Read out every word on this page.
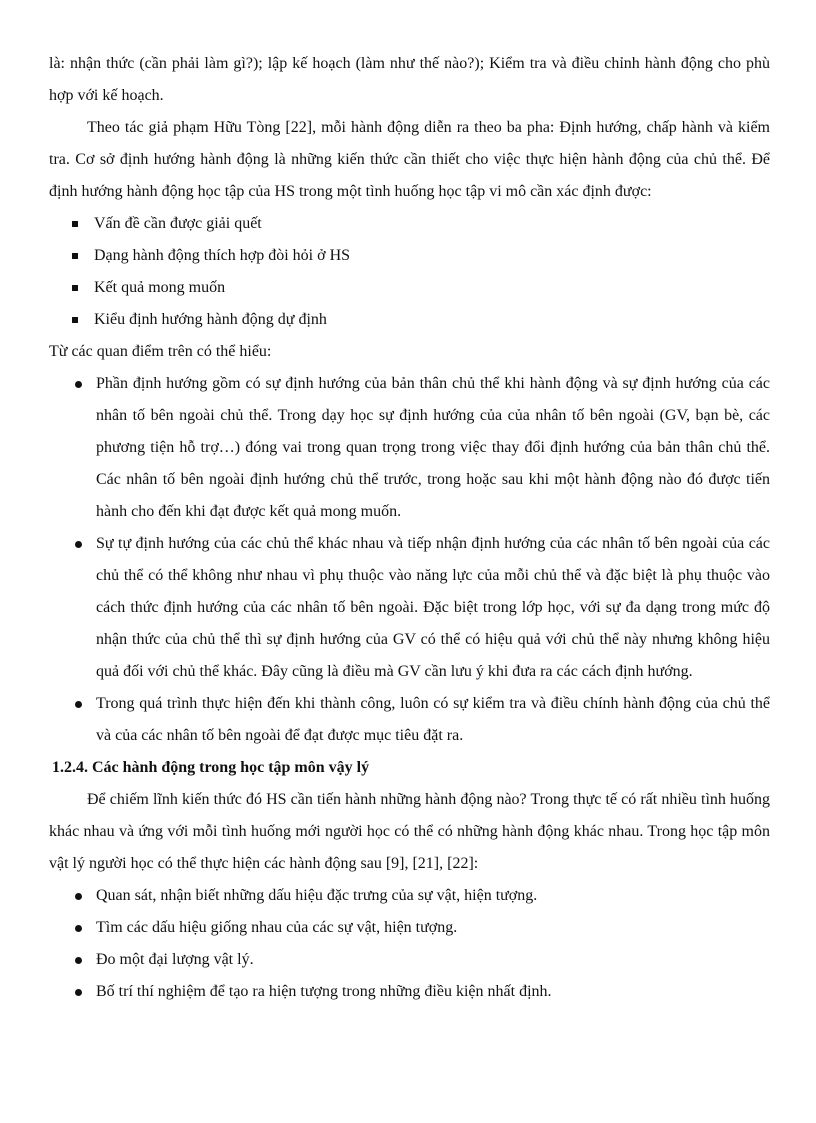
là: nhận thức (cần phải làm gì?); lập kế hoạch (làm như thế nào?); Kiểm tra và điều chỉnh hành động cho phù hợp với kế hoạch.

Theo tác giả phạm Hữu Tòng [22], mỗi hành động diễn ra theo ba pha: Định hướng, chấp hành và kiểm tra. Cơ sở định hướng hành động là những kiến thức cần thiết cho việc thực hiện hành động của chủ thể. Để định hướng hành động học tập của HS trong một tình huống học tập vi mô cần xác định được:

Vấn đề cần được giải quết
Dạng hành động thích hợp đòi hỏi ở HS
Kết quả mong muốn
Kiểu định hướng hành động dự định

Từ các quan điểm trên có thể hiểu:

Phần định hướng gồm có sự định hướng của bản thân chủ thể khi hành động và sự định hướng của các nhân tố bên ngoài chủ thể. Trong dạy học sự định hướng của của nhân tố bên ngoài (GV, bạn bè, các phương tiện hỗ trợ…) đóng vai trong quan trọng trong việc thay đổi định hướng của bản thân chủ thể. Các nhân tố bên ngoài định hướng chủ thể trước, trong hoặc sau khi một hành động nào đó được tiến hành cho đến khi đạt được kết quả mong muốn.
Sự tự định hướng của các chủ thể khác nhau và tiếp nhận định hướng của các nhân tố bên ngoài của các chủ thể có thể không như nhau vì phụ thuộc vào năng lực của mỗi chủ thể và đặc biệt là phụ thuộc vào cách thức định hướng của các nhân tố bên ngoài. Đặc biệt trong lớp học, với sự đa dạng trong mức độ nhận thức của chủ thể thì sự định hướng của GV có thể có hiệu quả với chủ thể này nhưng không hiệu quả đối với chủ thể khác. Đây cũng là điều mà GV cần lưu ý khi đưa ra các cách định hướng.
Trong quá trình thực hiện đến khi thành công, luôn có sự kiểm tra và điều chính hành động của chủ thể và của các nhân tố bên ngoài để đạt được mục tiêu đặt ra.
1.2.4. Các hành động trong học tập môn vậy lý

Để chiếm lĩnh kiến thức đó HS cần tiến hành những hành động nào? Trong thực tế có rất nhiều tình huống khác nhau và ứng với mỗi tình huống mới người học có thể có những hành động khác nhau. Trong học tập môn vật lý người học có thể thực hiện các hành động sau [9], [21], [22]:

Quan sát, nhận biết những dấu hiệu đặc trưng của sự vật, hiện tượng.
Tìm các dấu hiệu giống nhau của các sự vật, hiện tượng.
Đo một đại lượng vật lý.
Bố trí thí nghiệm để tạo ra hiện tượng trong những điều kiện nhất định.
